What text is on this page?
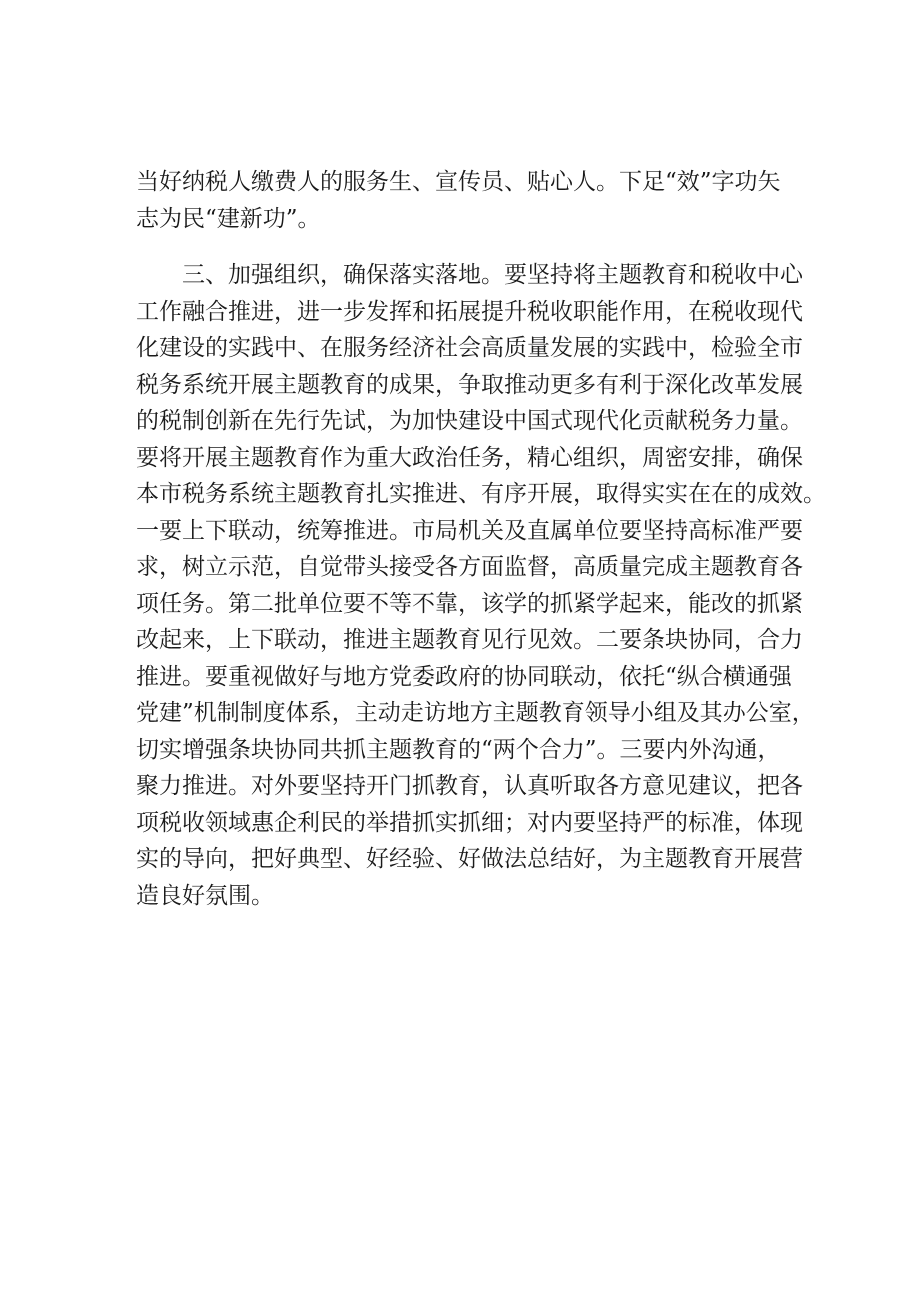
当好纳税人缴费人的服务生、宣传员、贴心人。下足“效”字功矢
志为民“建新功”。
　　三、加强组织，确保落实落地。要坚持将主题教育和税收中心
工作融合推进，进一步发挥和拓展提升税收职能作用，在税收现代
化建设的实践中、在服务经济社会高质量发展的实践中，检验全市
税务系统开展主题教育的成果，争取推动更多有利于深化改革发展
的税制创新在先行先试，为加快建设中国式现代化贡献税务力量。
要将开展主题教育作为重大政治任务，精心组织，周密安排，确保
本市税务系统主题教育扎实推进、有序开展，取得实实在在的成效。
一要上下联动，统筹推进。市局机关及直属单位要坚持高标准严要
求，树立示范，自觉带头接受各方面监督，高质量完成主题教育各
项任务。第二批单位要不等不靠，该学的抓紧学起来，能改的抓紧
改起来，上下联动，推进主题教育见行见效。二要条块协同，合力
推进。要重视做好与地方党委政府的协同联动，依托“纵合横通强
党建”机制制度体系，主动走访地方主题教育领导小组及其办公室，
切实增强条块协同共抓主题教育的“两个合力”。三要内外沟通，
聚力推进。对外要坚持开门抓教育，认真听取各方意见建议，把各
项税收领域惠企利民的举措抓实抓细；对内要坚持严的标准，体现
实的导向，把好典型、好经验、好做法总结好，为主题教育开展营
造良好氛围。
